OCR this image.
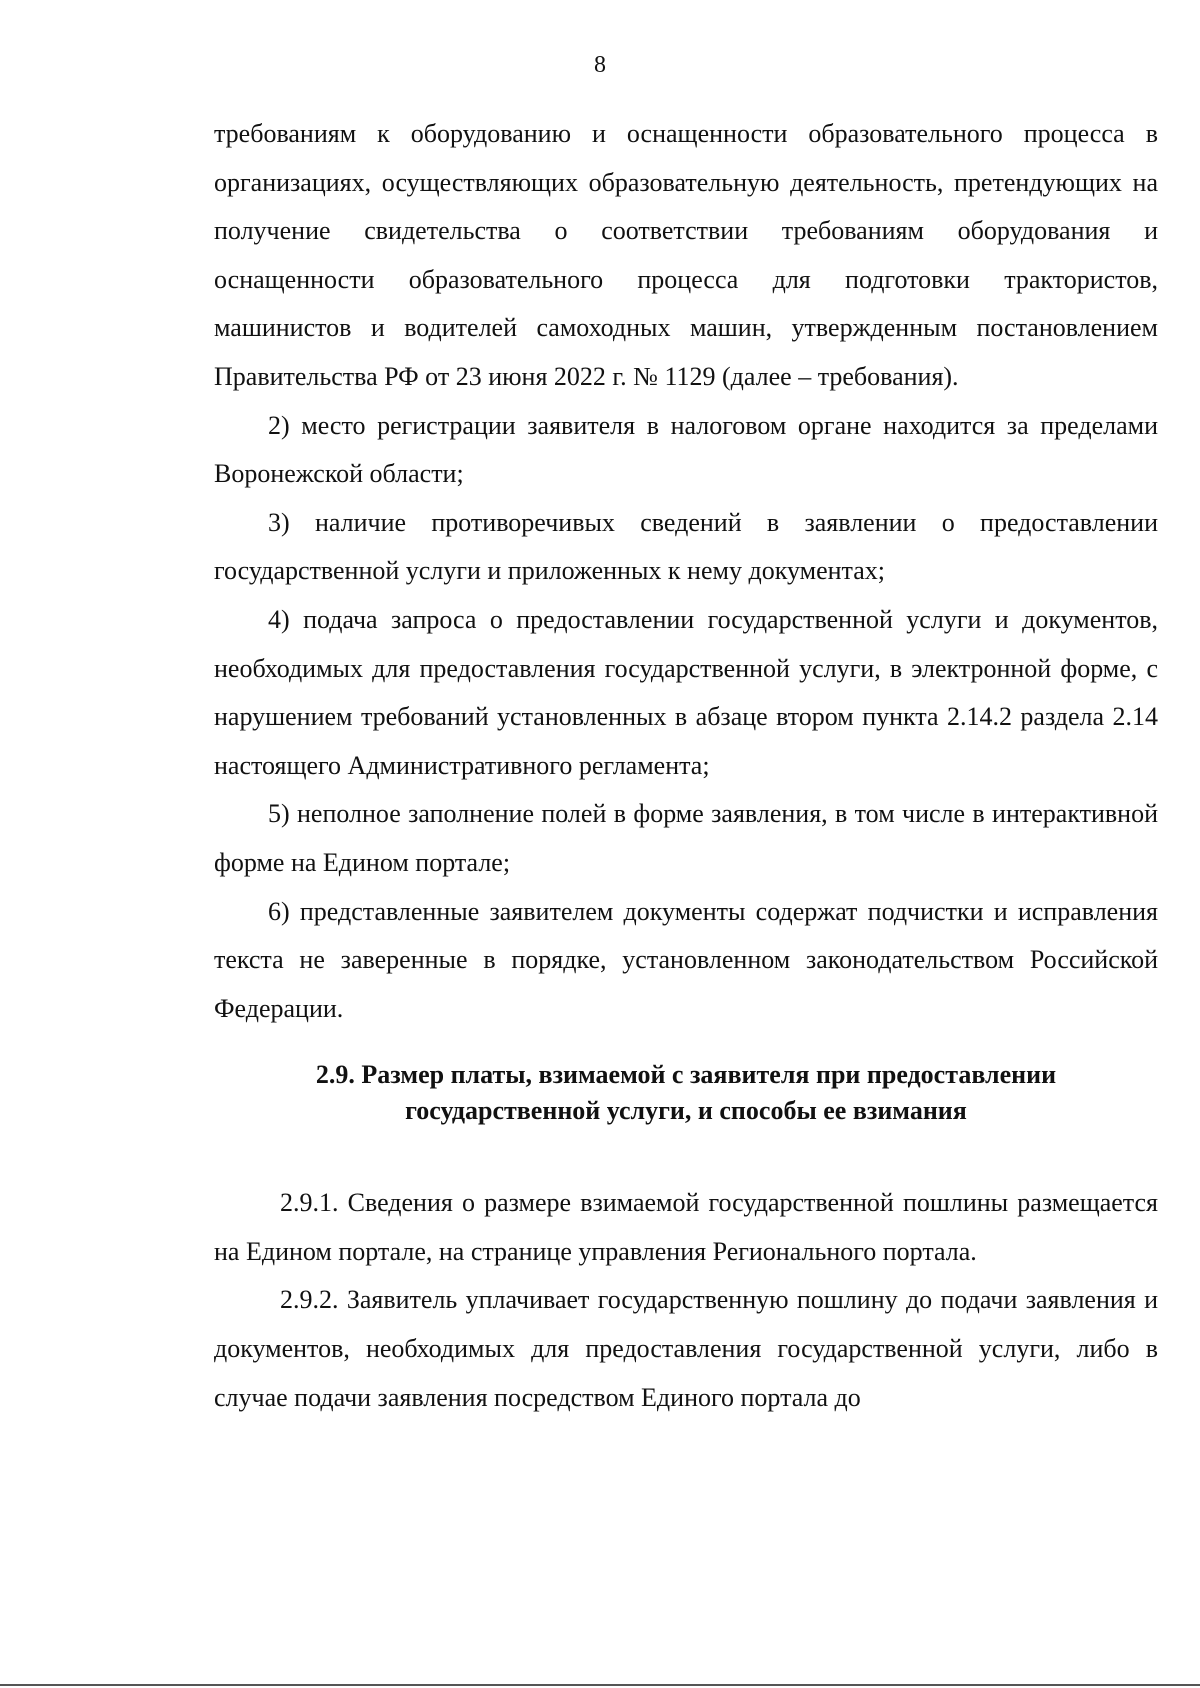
8

требованиям к оборудованию и оснащенности образовательного процесса в организациях, осуществляющих образовательную деятельность, претендующих на получение свидетельства о соответствии требованиям оборудования и оснащенности образовательного процесса для подготовки трактористов, машинистов и водителей самоходных машин, утвержденным постановлением Правительства РФ от 23 июня 2022 г. № 1129 (далее – требования).

2) место регистрации заявителя в налоговом органе находится за пределами Воронежской области;

3) наличие противоречивых сведений в заявлении о предоставлении государственной услуги и приложенных к нему документах;

4) подача запроса о предоставлении государственной услуги и документов, необходимых для предоставления государственной услуги, в электронной форме, с нарушением требований установленных в абзаце втором пункта 2.14.2 раздела 2.14 настоящего Административного регламента;

5) неполное заполнение полей в форме заявления, в том числе в интерактивной форме на Едином портале;

6) представленные заявителем документы содержат подчистки и исправления текста не заверенные в порядке, установленном законодательством Российской Федерации.

2.9. Размер платы, взимаемой с заявителя при предоставлении государственной услуги, и способы ее взимания

2.9.1. Сведения о размере взимаемой государственной пошлины размещается на Едином портале, на странице управления Регионального портала.

2.9.2. Заявитель уплачивает государственную пошлину до подачи заявления и документов, необходимых для предоставления государственной услуги, либо в случае подачи заявления посредством Единого портала до
